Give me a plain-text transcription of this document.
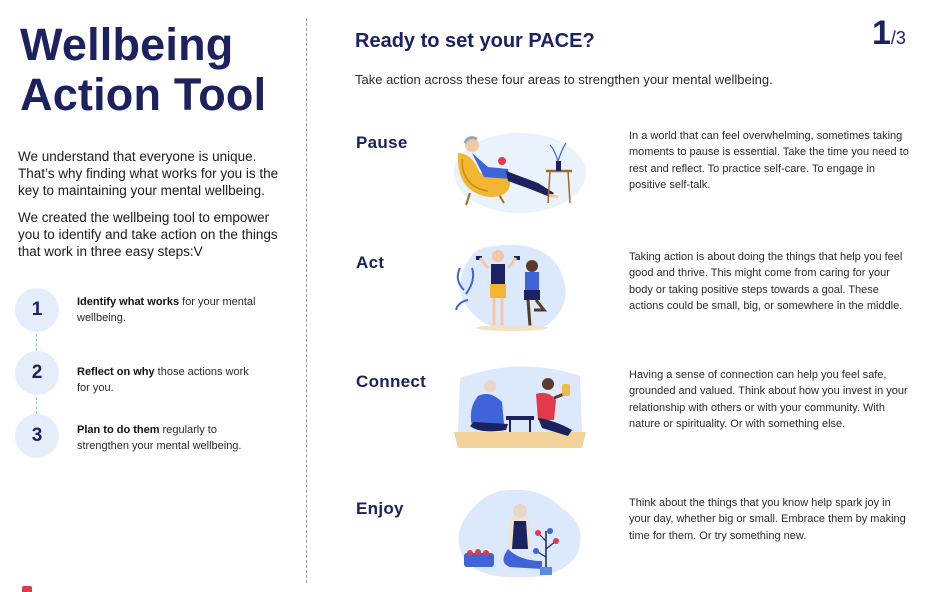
Wellbeing
Action Tool

We understand that everyone is unique. That’s why finding what works for you is the key to maintaining your mental wellbeing.

We created the wellbeing tool to empower you to identify and take action on the things that work in three easy steps:V

1
2
3
Identify what works for your mental wellbeing.
Reflect on why those actions work for you.
Plan to do them regularly to strengthen your mental wellbeing.
Ready to set your PACE?	1/3
Take action across these four areas to strengthen your mental wellbeing.
Pause	In a world that can feel overwhelming, sometimes taking moments to pause is essential. Take the time you need to rest and reflect. To practice self-care. To engage in positive self-talk.
Act	Taking action is about doing the things that help you feel good and thrive. This might come from caring for your body or taking positive steps towards a goal. These actions could be small, big, or somewhere in the middle.
Connect	Having a sense of connection can help you feel safe, grounded and valued. Think about how you invest in your relationship with others or with your community. With nature or spirituality. Or with something else.
Enjoy	Think about the things that you know help spark joy in your day, whether big or small. Embrace them by making time for them. Or try something new.
